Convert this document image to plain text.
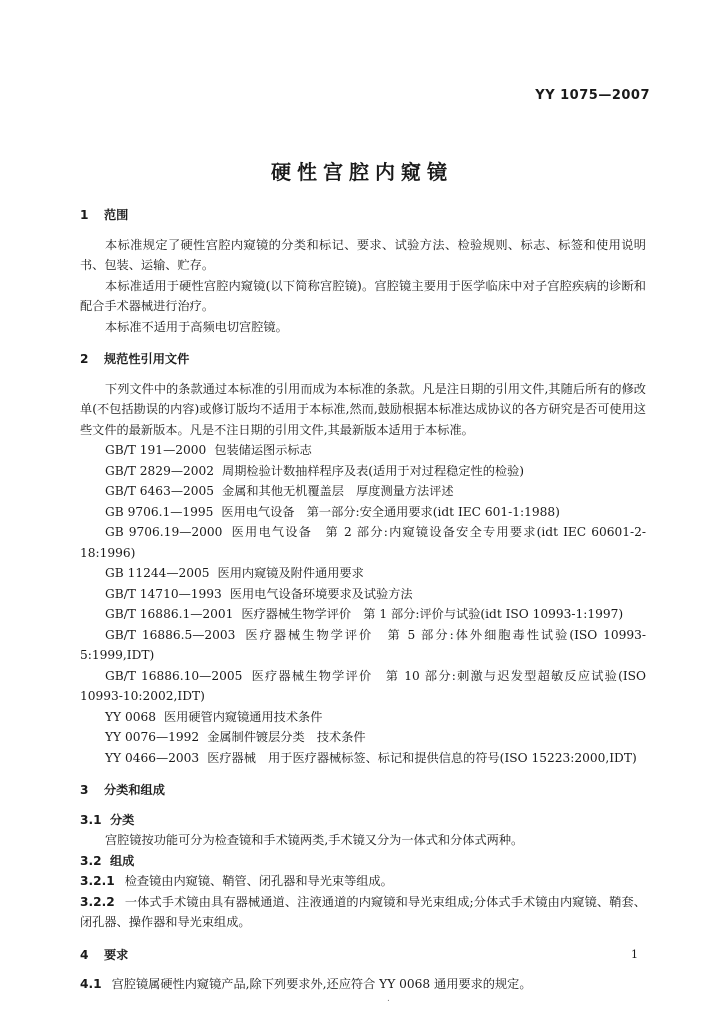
YY 1075—2007
硬性宫腔内窥镜

1 范围

本标准规定了硬性宫腔内窥镜的分类和标记、要求、试验方法、检验规则、标志、标签和使用说明书、包装、运输、贮存。

本标准适用于硬性宫腔内窥镜(以下简称宫腔镜)。宫腔镜主要用于医学临床中对子宫腔疾病的诊断和配合手术器械进行治疗。

本标准不适用于高频电切宫腔镜。

2 规范性引用文件

下列文件中的条款通过本标准的引用而成为本标准的条款。凡是注日期的引用文件,其随后所有的修改单(不包括勘误的内容)或修订版均不适用于本标准,然而,鼓励根据本标准达成协议的各方研究是否可使用这些文件的最新版本。凡是不注日期的引用文件,其最新版本适用于本标准。

GB/T 191—2000 包装储运图示标志

GB/T 2829—2002 周期检验计数抽样程序及表(适用于对过程稳定性的检验)

GB/T 6463—2005 金属和其他无机覆盖层　厚度测量方法评述

GB 9706.1—1995 医用电气设备　第一部分:安全通用要求(idt IEC 601-1:1988)

GB 9706.19—2000 医用电气设备　第 2 部分:内窥镜设备安全专用要求(idt IEC 60601-2-18:1996)

GB 11244—2005 医用内窥镜及附件通用要求

GB/T 14710—1993 医用电气设备环境要求及试验方法

GB/T 16886.1—2001 医疗器械生物学评价　第 1 部分:评价与试验(idt ISO 10993-1:1997)

GB/T 16886.5—2003 医疗器械生物学评价　第 5 部分:体外细胞毒性试验(ISO 10993-5:1999,IDT)

GB/T 16886.10—2005 医疗器械生物学评价　第 10 部分:刺激与迟发型超敏反应试验(ISO 10993-10:2002,IDT)

YY 0068 医用硬管内窥镜通用技术条件

YY 0076—1992 金属制件镀层分类　技术条件

YY 0466—2003 医疗器械　用于医疗器械标签、标记和提供信息的符号(ISO 15223:2000,IDT)

3 分类和组成

3.1 分类

宫腔镜按功能可分为检查镜和手术镜两类,手术镜又分为一体式和分体式两种。

3.2 组成

3.2.1 检查镜由内窥镜、鞘管、闭孔器和导光束等组成。

3.2.2 一体式手术镜由具有器械通道、注液通道的内窥镜和导光束组成;分体式手术镜由内窥镜、鞘套、闭孔器、操作器和导光束组成。

4 要求

4.1 宫腔镜属硬性内窥镜产品,除下列要求外,还应符合 YY 0068 通用要求的规定。

1
.
